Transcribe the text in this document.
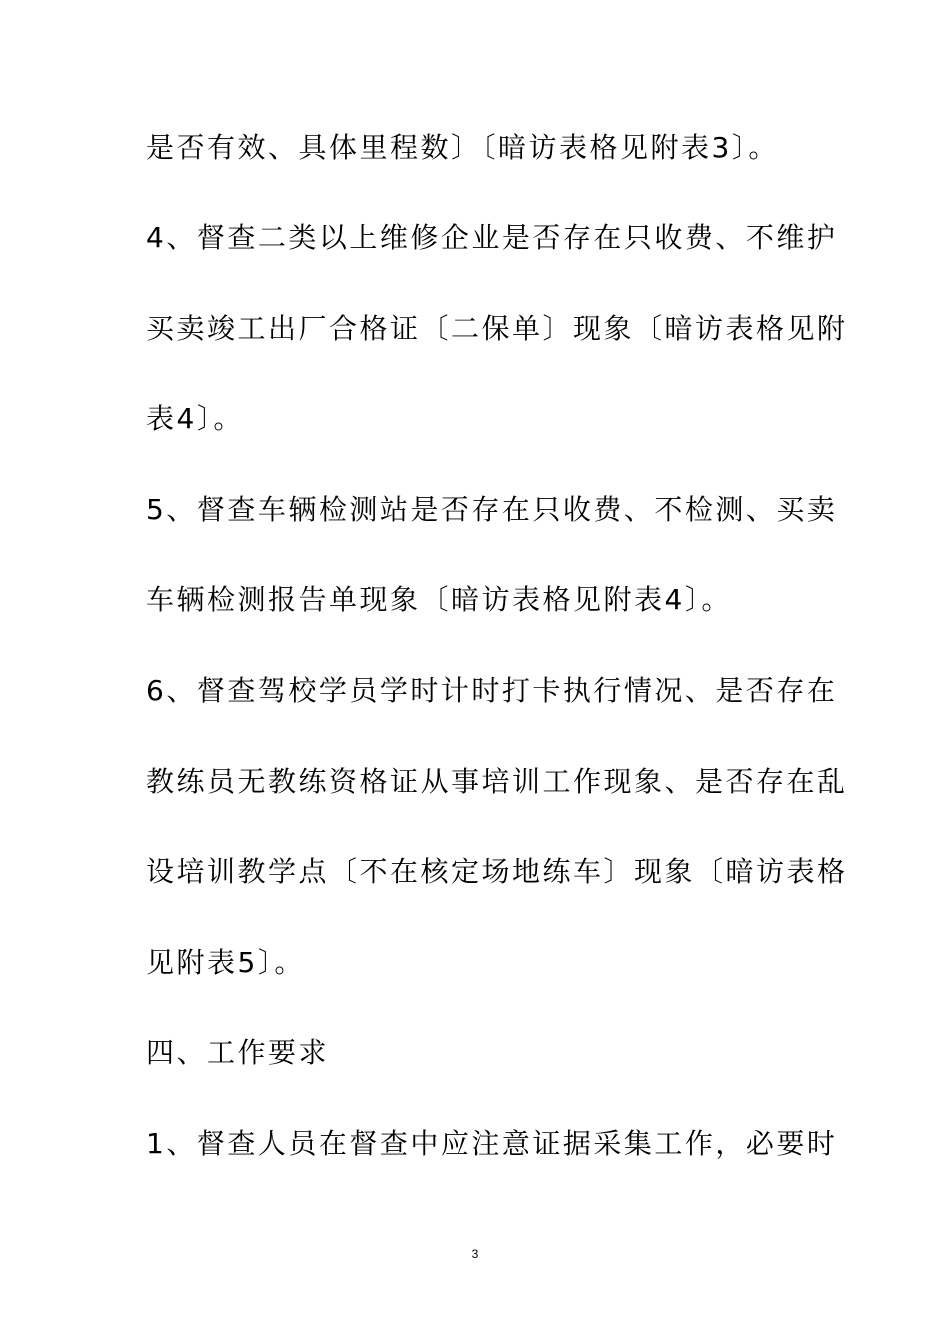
是否有效、具体里程数〕〔暗访表格见附表3〕。
4、督查二类以上维修企业是否存在只收费、不维护
买卖竣工出厂合格证〔二保单〕现象〔暗访表格见附
表4〕。
5、督查车辆检测站是否存在只收费、不检测、买卖
车辆检测报告单现象〔暗访表格见附表4〕。
6、督查驾校学员学时计时打卡执行情况、是否存在
教练员无教练资格证从事培训工作现象、是否存在乱
设培训教学点〔不在核定场地练车〕现象〔暗访表格
见附表5〕。
四、工作要求
1、督查人员在督查中应注意证据采集工作，必要时
3
